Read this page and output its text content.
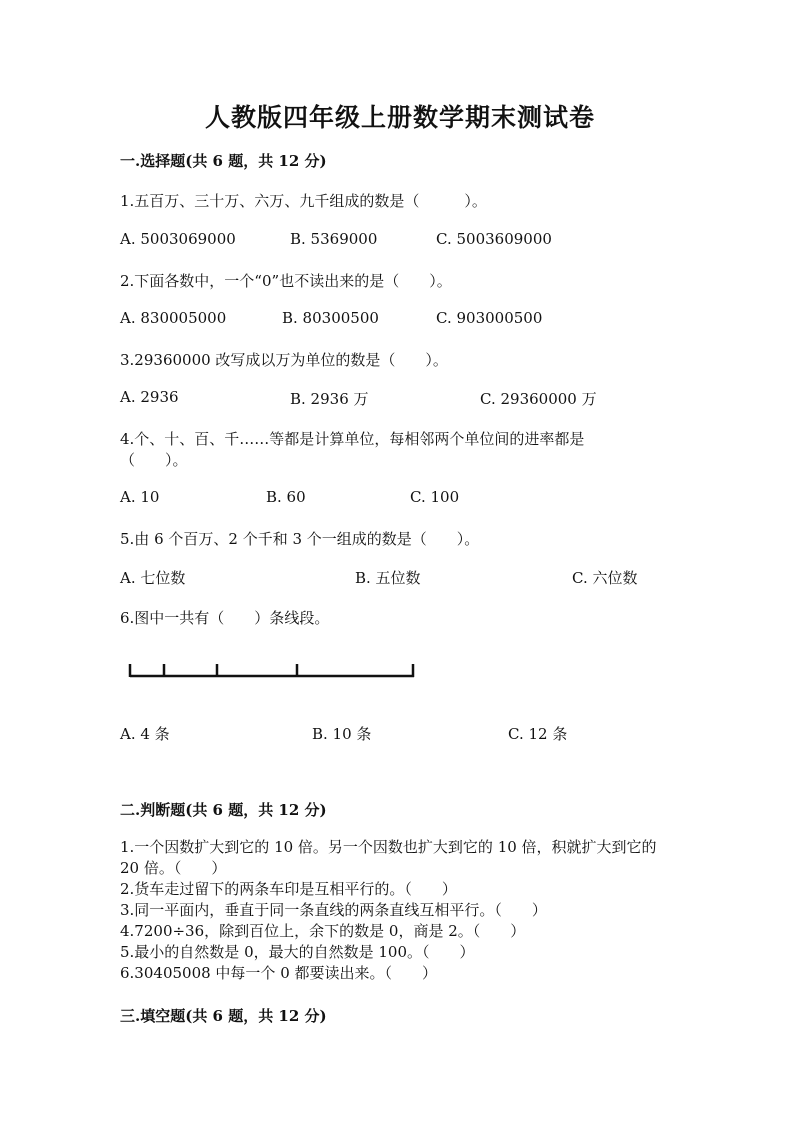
人教版四年级上册数学期末测试卷
一.选择题(共 6 题，共 12 分)
1.五百万、三十万、六万、九千组成的数是（　　　）。
A. 5003069000	B. 5369000	C. 5003609000
2.下面各数中，一个“0”也不读出来的是（　　）。
A. 830005000	B. 80300500	C. 903000500
3.29360000 改写成以万为单位的数是（　　）。
A. 2936	B. 2936 万	C. 29360000 万
4.个、十、百、千……等都是计算单位，每相邻两个单位间的进率都是
（　　）。
A. 10	B. 60	C. 100
5.由 6 个百万、2 个千和 3 个一组成的数是（　　）。
A. 七位数	B. 五位数	C. 六位数
6.图中一共有（　　）条线段。
A. 4 条	B. 10 条	C. 12 条
二.判断题(共 6 题，共 12 分)
1.一个因数扩大到它的 10 倍。另一个因数也扩大到它的 10 倍，积就扩大到它的 20 倍。（　　）
2.货车走过留下的两条车印是互相平行的。（　　）
3.同一平面内，垂直于同一条直线的两条直线互相平行。（　　）
4.7200÷36，除到百位上，余下的数是 0，商是 2。（　　）
5.最小的自然数是 0，最大的自然数是 100。（　　）
6.30405008 中每一个 0 都要读出来。（　　）
三.填空题(共 6 题，共 12 分)
